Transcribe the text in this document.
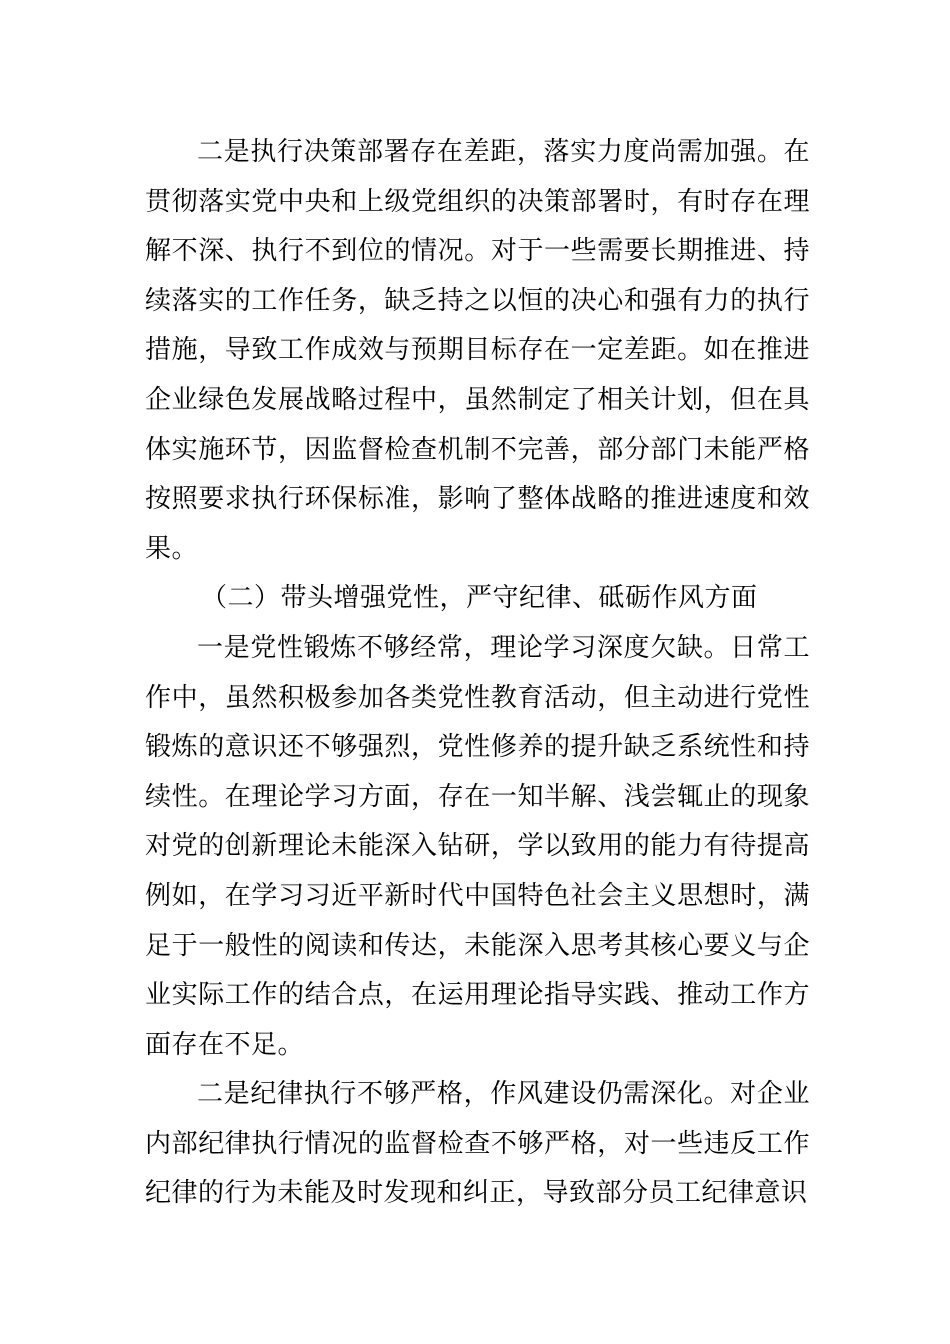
二是执行决策部署存在差距，落实力度尚需加强。在贯彻落实党中央和上级党组织的决策部署时，有时存在理解不深、执行不到位的情况。对于一些需要长期推进、持续落实的工作任务，缺乏持之以恒的决心和强有力的执行措施，导致工作成效与预期目标存在一定差距。如在推进企业绿色发展战略过程中，虽然制定了相关计划，但在具体实施环节，因监督检查机制不完善，部分部门未能严格按照要求执行环保标准，影响了整体战略的推进速度和效果。

（二）带头增强党性，严守纪律、砥砺作风方面

一是党性锻炼不够经常，理论学习深度欠缺。日常工作中，虽然积极参加各类党性教育活动，但主动进行党性锻炼的意识还不够强烈，党性修养的提升缺乏系统性和持续性。在理论学习方面，存在一知半解、浅尝辄止的现象对党的创新理论未能深入钻研，学以致用的能力有待提高例如，在学习习近平新时代中国特色社会主义思想时，满足于一般性的阅读和传达，未能深入思考其核心要义与企业实际工作的结合点，在运用理论指导实践、推动工作方面存在不足。

二是纪律执行不够严格，作风建设仍需深化。对企业内部纪律执行情况的监督检查不够严格，对一些违反工作纪律的行为未能及时发现和纠正，导致部分员工纪律意识
